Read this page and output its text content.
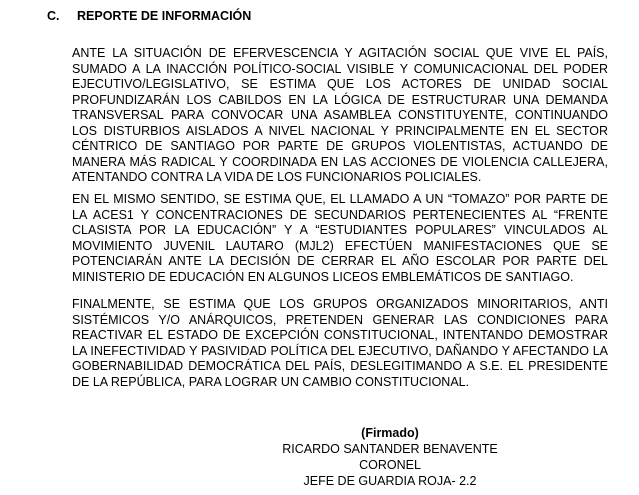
C. REPORTE DE INFORMACIÓN

ANTE LA SITUACIÓN DE EFERVESCENCIA Y AGITACIÓN SOCIAL QUE VIVE EL PAÍS, SUMADO A LA INACCIÓN POLÍTICO-SOCIAL VISIBLE Y COMUNICACIONAL DEL PODER EJECUTIVO/LEGISLATIVO, SE ESTIMA QUE LOS ACTORES DE UNIDAD SOCIAL PROFUNDIZARÁN LOS CABILDOS EN LA LÓGICA DE ESTRUCTURAR UNA DEMANDA TRANSVERSAL PARA CONVOCAR UNA ASAMBLEA CONSTITUYENTE, CONTINUANDO LOS DISTURBIOS AISLADOS A NIVEL NACIONAL Y PRINCIPALMENTE EN EL SECTOR CÉNTRICO DE SANTIAGO POR PARTE DE GRUPOS VIOLENTISTAS, ACTUANDO DE MANERA MÁS RADICAL Y COORDINADA EN LAS ACCIONES DE VIOLENCIA CALLEJERA, ATENTANDO CONTRA LA VIDA DE LOS FUNCIONARIOS POLICIALES.

EN EL MISMO SENTIDO, SE ESTIMA QUE, EL LLAMADO A UN “TOMAZO” POR PARTE DE LA ACES1 Y CONCENTRACIONES DE SECUNDARIOS PERTENECIENTES AL “FRENTE CLASISTA POR LA EDUCACIÓN” Y A “ESTUDIANTES POPULARES” VINCULADOS AL MOVIMIENTO JUVENIL LAUTARO (MJL2) EFECTÚEN MANIFESTACIONES QUE SE POTENCIARÁN ANTE LA DECISIÓN DE CERRAR EL AÑO ESCOLAR POR PARTE DEL MINISTERIO DE EDUCACIÓN EN ALGUNOS LICEOS EMBLEMÁTICOS DE SANTIAGO.

FINALMENTE, SE ESTIMA QUE LOS GRUPOS ORGANIZADOS MINORITARIOS, ANTI SISTÉMICOS Y/O ANÁRQUICOS, PRETENDEN GENERAR LAS CONDICIONES PARA REACTIVAR EL ESTADO DE EXCEPCIÓN CONSTITUCIONAL, INTENTANDO DEMOSTRAR LA INEFECTIVIDAD Y PASIVIDAD POLÍTICA DEL EJECUTIVO, DAÑANDO Y AFECTANDO LA GOBERNABILIDAD DEMOCRÁTICA DEL PAÍS, DESLEGITIMANDO A S.E. EL PRESIDENTE DE LA REPÚBLICA, PARA LOGRAR UN CAMBIO CONSTITUCIONAL.

(Firmado)
RICARDO SANTANDER BENAVENTE
CORONEL
JEFE DE GUARDIA ROJA- 2.2
